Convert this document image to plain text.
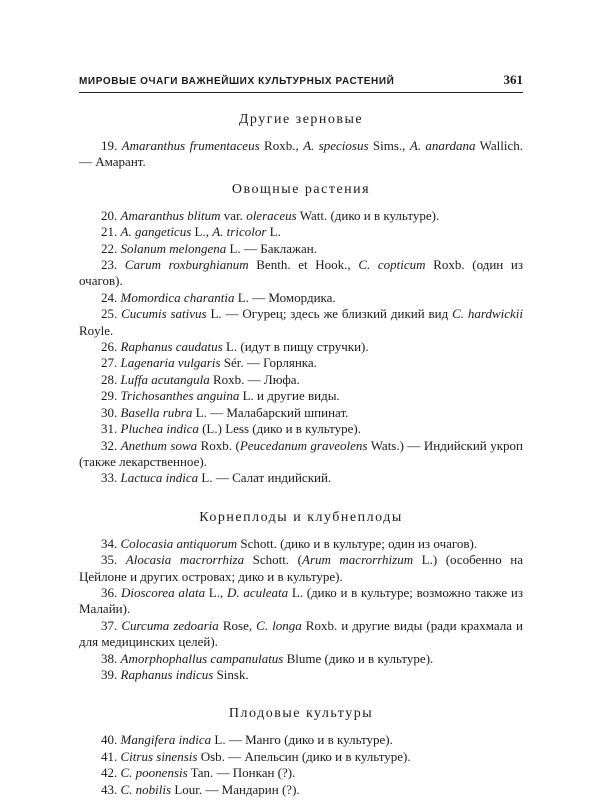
МИРОВЫЕ ОЧАГИ ВАЖНЕЙШИХ КУЛЬТУРНЫХ РАСТЕНИЙ	361
Другие зерновые

19. Amaranthus frumentaceus Roxb., A. speciosus Sims., A. anardana Wallich. — Амарант.

Овощные растения

20. Amaranthus blitum var. oleraceus Watt. (дико и в культуре).

21. A. gangeticus L., A. tricolor L.

22. Solanum melongena L. — Баклажан.

23. Carum roxburghianum Benth. et Hook., C. copticum Roxb. (один из очагов).

24. Momordica charantia L. — Момордика.

25. Cucumis sativus L. — Огурец; здесь же близкий дикий вид C. hardwickii Royle.

26. Raphanus caudatus L. (идут в пищу стручки).

27. Lagenaria vulgaris Sér. — Горлянка.

28. Luffa acutangula Roxb. — Люфа.

29. Trichosanthes anguina L. и другие виды.

30. Basella rubra L. — Малабарский шпинат.

31. Pluchea indica (L.) Less (дико и в культуре).

32. Anethum sowa Roxb. (Peucedanum graveolens Wats.) — Индийский укроп (также лекарственное).

33. Lactuca indica L. — Салат индийский.

Корнеплоды и клубнеплоды

34. Colocasia antiquorum Schott. (дико и в культуре; один из очагов).

35. Alocasia macrorrhiza Schott. (Arum macrorrhizum L.) (особенно на Цейлоне и других островах; дико и в культуре).

36. Dioscorea alata L., D. aculeata L. (дико и в культуре; возможно также из Малайи).

37. Curcuma zedoaria Rose, C. longa Roxb. и другие виды (ради крахмала и для медицинских целей).

38. Amorphophallus campanulatus Blume (дико и в культуре).

39. Raphanus indicus Sinsk.

Плодовые культуры

40. Mangifera indica L. — Манго (дико и в культуре).

41. Citrus sinensis Osb. — Апельсин (дико и в культуре).

42. C. poonensis Tan. — Понкан (?).

43. C. nobilis Lour. — Мандарин (?).
